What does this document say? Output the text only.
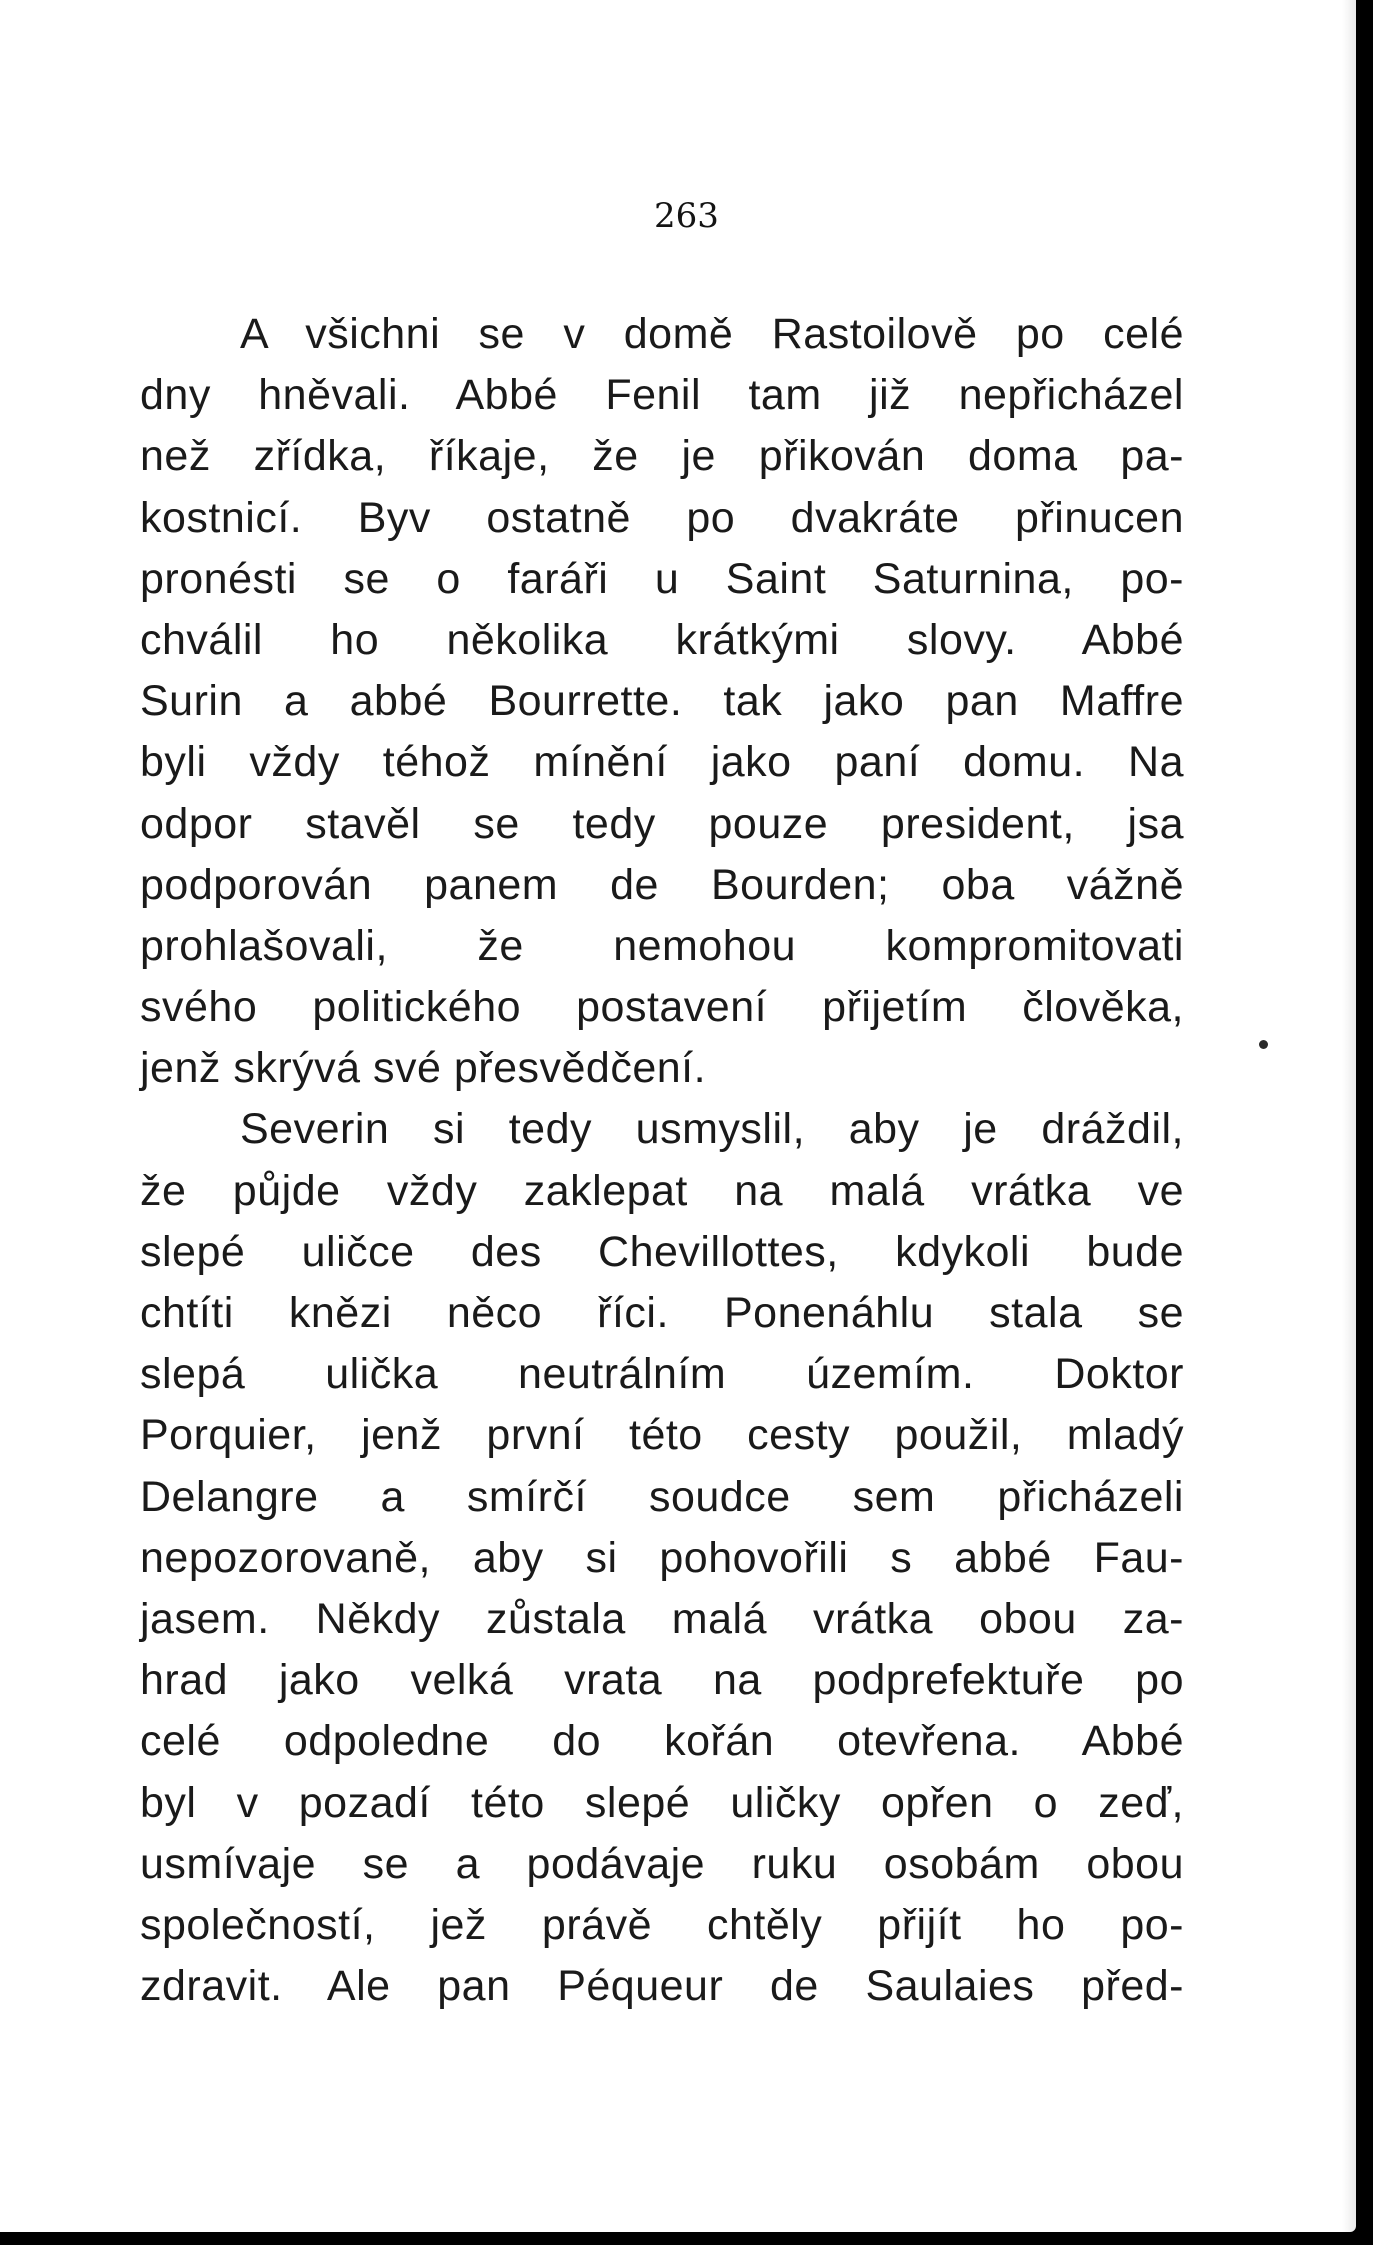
263

A všichni se v domě Rastoilově po celé
dny hněvali. Abbé Fenil tam již nepřicházel
než zřídka, říkaje, že je přikován doma pa-
kostnicí. Byv ostatně po dvakráte přinucen
pronésti se o faráři u Saint Saturnina, po-
chválil ho několika krátkými slovy. Abbé
Surin a abbé Bourrette. tak jako pan Maffre
byli vždy téhož mínění jako paní domu. Na
odpor stavěl se tedy pouze president, jsa
podporován panem de Bourden; oba vážně
prohlašovali, že nemohou kompromitovati
svého politického postavení přijetím člověka,
jenž skrývá své přesvědčení.
Severin si tedy usmyslil, aby je dráždil,
že půjde vždy zaklepat na malá vrátka ve
slepé uličce des Chevillottes, kdykoli bude
chtíti knězi něco říci. Ponenáhlu stala se
slepá ulička neutrálním územím. Doktor
Porquier, jenž první této cesty použil, mladý
Delangre a smírčí soudce sem přicházeli
nepozorovaně, aby si pohovořili s abbé Fau-
jasem. Někdy zůstala malá vrátka obou za-
hrad jako velká vrata na podprefektuře po
celé odpoledne do kořán otevřena. Abbé
byl v pozadí této slepé uličky opřen o zeď,
usmívaje se a podávaje ruku osobám obou
společností, jež právě chtěly přijít ho po-
zdravit. Ale pan Péqueur de Saulaies před-
